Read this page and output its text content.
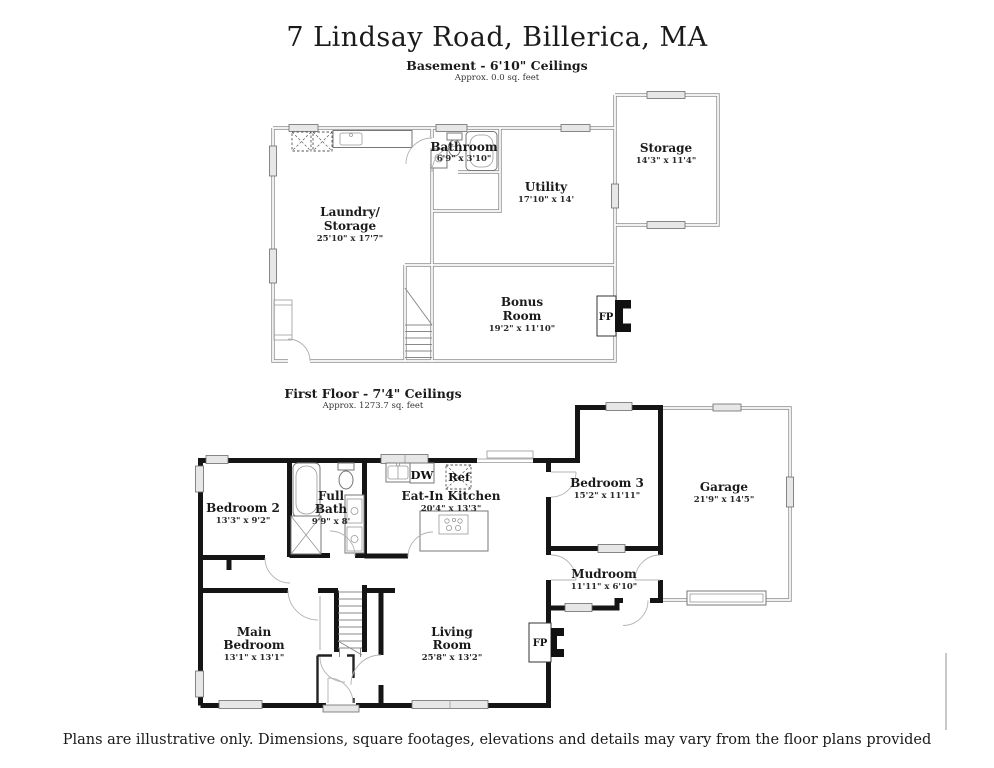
7 Lindsay Road, Billerica, MA
Basement - 6'10" Ceilings
Approx. 0.0 sq. feet
First Floor - 7'4" Ceilings
Approx. 1273.7 sq. feet
Plans are illustrative only. Dimensions, square footages, elevations and details may vary from the floor plans provided
FP
Laundry/
Storage
25'10" x 17'7"
Bathroom
6'9" x 3'10"
Utility
17'10" x 14'
Storage
14'3" x 11'4"
Bonus
Room
19'2" x 11'10"
DW Ref
FP
Bedroom 2
13'3" x 9'2"
Full
Bath
9'9" x 8'
Eat-In Kitchen
20'4" x 13'3"
Bedroom 3
15'2" x 11'11"
Garage
21'9" x 14'5"
Mudroom
11'11" x 6'10"
Main
Bedroom
13'1" x 13'1"
Living
Room
25'8" x 13'2"
